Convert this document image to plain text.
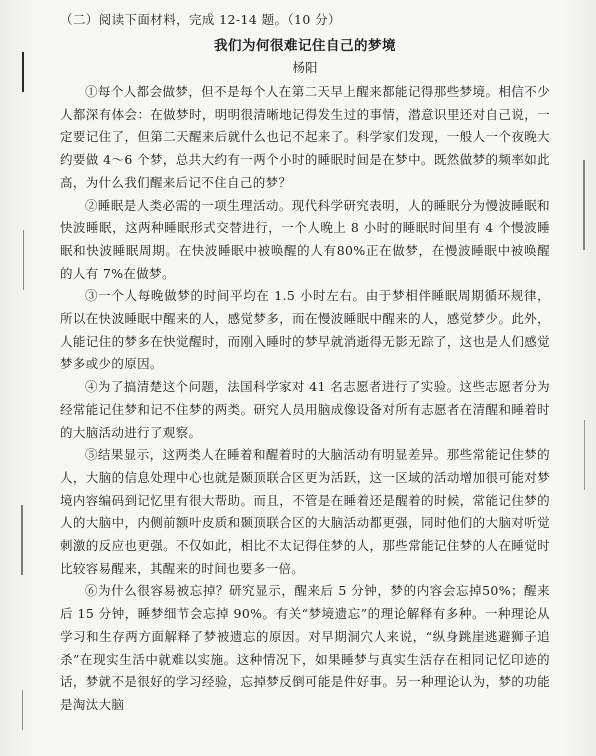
（二）阅读下面材料，完成 12-14 题。（10 分）

我们为何很难记住自己的梦境

杨阳

①每个人都会做梦，但不是每个人在第二天早上醒来都能记得那些梦境。相信不少人都深有体会：在做梦时，明明很清晰地记得发生过的事情，潜意识里还对自己说，一定要记住了，但第二天醒来后就什么也记不起来了。科学家们发现，一般人一个夜晚大约要做 4～6 个梦，总共大约有一两个小时的睡眠时间是在梦中。既然做梦的频率如此高，为什么我们醒来后记不住自己的梦？

②睡眠是人类必需的一项生理活动。现代科学研究表明，人的睡眠分为慢波睡眠和快波睡眠，这两种睡眠形式交替进行，一个人晚上 8 小时的睡眠时间里有 4 个慢波睡眠和快波睡眠周期。在快波睡眠中被唤醒的人有80%正在做梦，在慢波睡眠中被唤醒的人有 7%在做梦。

③一个人每晚做梦的时间平均在 1.5 小时左右。由于梦相伴睡眠周期循环规律，所以在快波睡眠中醒来的人，感觉梦多，而在慢波睡眠中醒来的人，感觉梦少。此外，人能记住的梦多在快觉醒时，而刚入睡时的梦早就消逝得无影无踪了，这也是人们感觉梦多或少的原因。

④为了搞清楚这个问题，法国科学家对 41 名志愿者进行了实验。这些志愿者分为经常能记住梦和记不住梦的两类。研究人员用脑成像设备对所有志愿者在清醒和睡着时的大脑活动进行了观察。

⑤结果显示，这两类人在睡着和醒着时的大脑活动有明显差异。那些常能记住梦的人，大脑的信息处理中心也就是颞顶联合区更为活跃，这一区域的活动增加很可能对梦境内容编码到记忆里有很大帮助。而且，不管是在睡着还是醒着的时候，常能记住梦的人的大脑中，内侧前额叶皮质和颞顶联合区的大脑活动都更强，同时他们的大脑对听觉刺激的反应也更强。不仅如此，相比不太记得住梦的人，那些常能记住梦的人在睡觉时比较容易醒来，其醒来的时间也要多一倍。

⑥为什么很容易被忘掉？研究显示，醒来后 5 分钟，梦的内容会忘掉50%；醒来后 15 分钟，睡梦细节会忘掉 90%。有关“梦境遗忘”的理论解释有多种。一种理论从学习和生存两方面解释了梦被遗忘的原因。对早期洞穴人来说，“纵身跳崖逃避狮子追杀”在现实生活中就难以实施。这种情况下，如果睡梦与真实生活存在相同记忆印迹的话，梦就不是很好的学习经验，忘掉梦反倒可能是件好事。另一种理论认为，梦的功能是淘汰大脑
